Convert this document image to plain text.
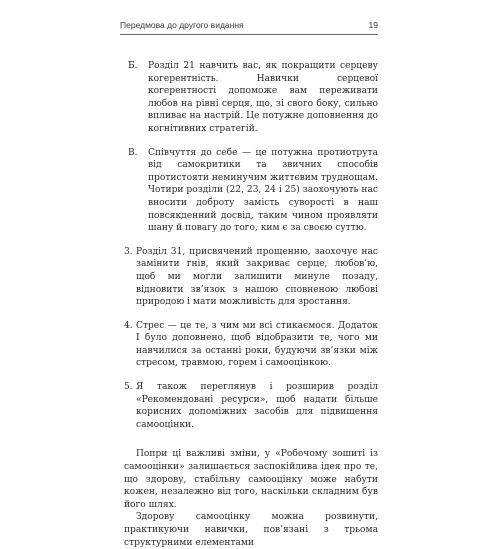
Передмова до другого видання	19
Б. Розділ 21 навчить вас, як покращити серцеву когерентність. Навички серцевої когерентності допоможе вам переживати любов на рівні серця, що, зі свого боку, сильно впливає на настрій. Це потужне доповнення до когнітивних стратегій.
В. Співчуття до себе — це потужна протиотрута від самокритики та звичних способів протистояти неминучим життєвим труднощам. Чотири розділи (22, 23, 24 і 25) заохочують нас вносити доброту замість суворості в наш повсякденний досвід, таким чином проявляти шану й повагу до того, ким є за своєю суттю.
3. Розділ 31, присвячений прощенню, заохочує нас замінити гнів, який закриває серце, любов’ю, щоб ми могли залишити минуле позаду, відновити зв’язок з нашою сповненою любові природою і мати можливість для зростання.
4. Стрес — це те, з чим ми всі стикаємося. Додаток І було доповнено, щоб відобразити те, чого ми навчилися за останні роки, будуючи зв’язки між стресом, травмою, горем і самооцінкою.
5. Я також переглянув і розширив розділ «Рекомендовані ресурси», щоб надати більше корисних допоміжних засобів для підвищення самооцінки.

Попри ці важливі зміни, у «Робочому зошиті із самооцінки» залишається заспокійлива ідея про те, що здорову, стабільну самооцінку може набути кожен, незалежно від того, наскільки складним був його шлях.

Здорову самооцінку можна розвинути, практикуючи навички, пов’язані з трьома структурними елементами
